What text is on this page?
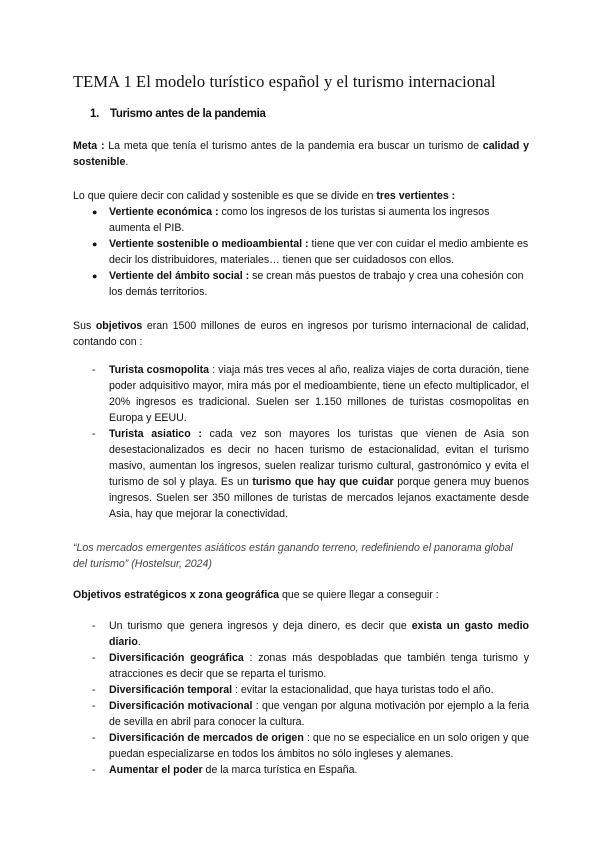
TEMA 1 El modelo turístico español y el turismo internacional
1. Turismo antes de la pandemia
Meta : La meta que tenía el turismo antes de la pandemia era buscar un turismo de calidad y sostenible.
Lo que quiere decir con calidad y sostenible es que se divide en tres vertientes :
● Vertiente económica : como los ingresos de los turistas si aumenta los ingresos aumenta el PIB.
● Vertiente sostenible o medioambiental : tiene que ver con cuidar el medio ambiente es decir los distribuidores, materiales… tienen que ser cuidadosos con ellos.
● Vertiente del ámbito social : se crean más puestos de trabajo y crea una cohesión con los demás territorios.
Sus objetivos eran 1500 millones de euros en ingresos por turismo internacional de calidad, contando con :
- Turista cosmopolita : viaja más tres veces al año, realiza viajes de corta duración, tiene poder adquisitivo mayor, mira más por el medioambiente, tiene un efecto multiplicador, el 20% ingresos es tradicional. Suelen ser 1.150 millones de turistas cosmopolitas en Europa y EEUU.
- Turista asiatico : cada vez son mayores los turistas que vienen de Asia son desestacionalizados es decir no hacen turismo de estacionalidad, evitan el turismo masivo, aumentan los ingresos, suelen realizar turismo cultural, gastronómico y evita el turismo de sol y playa. Es un turismo que hay que cuidar porque genera muy buenos ingresos. Suelen ser 350 millones de turistas de mercados lejanos exactamente desde Asia, hay que mejorar la conectividad.
“Los mercados emergentes asiáticos están ganando terreno, redefiniendo el panorama global del turismo” (Hostelsur, 2024)
Objetivos estratégicos x zona geográfica que se quiere llegar a conseguir :
- Un turismo que genera ingresos y deja dinero, es decir que exista un gasto medio diario.
- Diversificación geográfica : zonas más despobladas que también tenga turismo y atracciones es decir que se reparta el turismo.
- Diversificación temporal : evitar la estacionalidad, que haya turistas todo el año.
- Diversificación motivacional : que vengan por alguna motivación por ejemplo a la feria de sevilla en abril para conocer la cultura.
- Diversificación de mercados de origen : que no se especialice en un solo origen y que puedan especializarse en todos los ámbitos no sólo ingleses y alemanes.
- Aumentar el poder de la marca turística en España.
